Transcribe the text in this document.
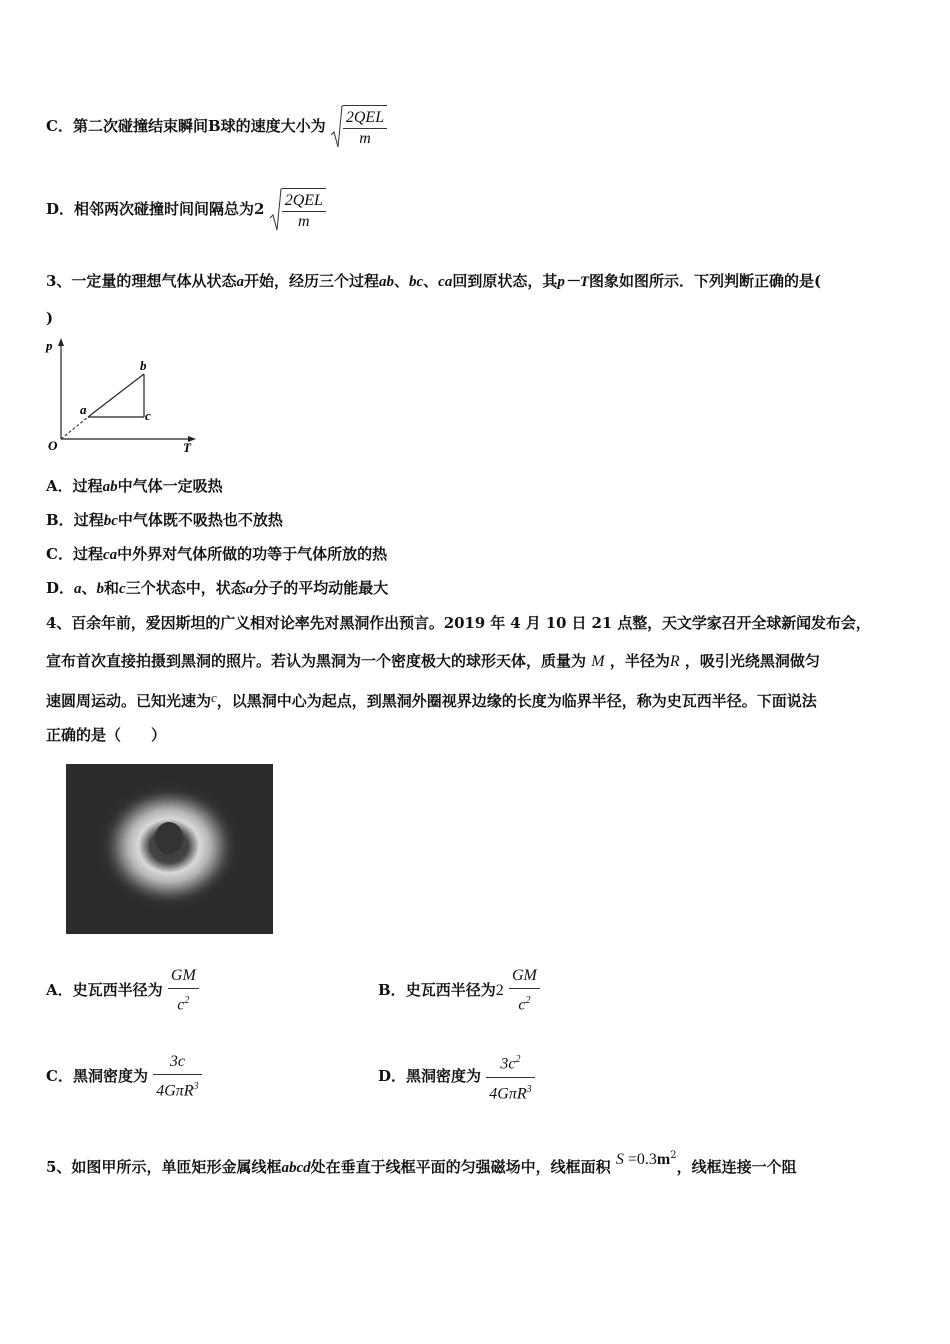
C．第二次碰撞结束瞬间B球的速度大小为 $\frac{\text{2QEL}}{m}$
D．相邻两次碰撞时间间隔总为$2 \frac{\text{2QEL}}{m}$
3、一定量的理想气体从状态a开始，经历三个过程ab、bc、ca回到原状态，其p－T图象如图所示．下列判断正确的是(
)
p
T
O
a
b
c
A．过程ab中气体一定吸热
B．过程bc中气体既不吸热也不放热
C．过程ca中外界对气体所做的功等于气体所放的热
D．a、b和c三个状态中，状态a分子的平均动能最大
4、百余年前，爱因斯坦的广义相对论率先对黑洞作出预言。2019 年 4 月 10 日 21 点整，天文学家召开全球新闻发布会，
宣布首次直接拍摄到黑洞的照片。若认为黑洞为一个密度极大的球形天体，质量为 M ，半径为R ，吸引光绕黑洞做匀
速圆周运动。已知光速为c，以黑洞中心为起点，到黑洞外圈视界边缘的长度为临界半径，称为史瓦西半径。下面说法
正确的是（　　）
A．史瓦西半径为 $\frac{GM}{c^2}$	B．史瓦西半径为$2 \frac{GM}{c^2}$
C．黑洞密度为 $\frac{3c}{4G\pi R^3}$	D．黑洞密度为 $\frac{3c^2}{4G\pi R^3}$
5、如图甲所示，单匝矩形金属线框abcd处在垂直于线框平面的匀强磁场中，线框面积 $S =0.3m^2$，线框连接一个阻
